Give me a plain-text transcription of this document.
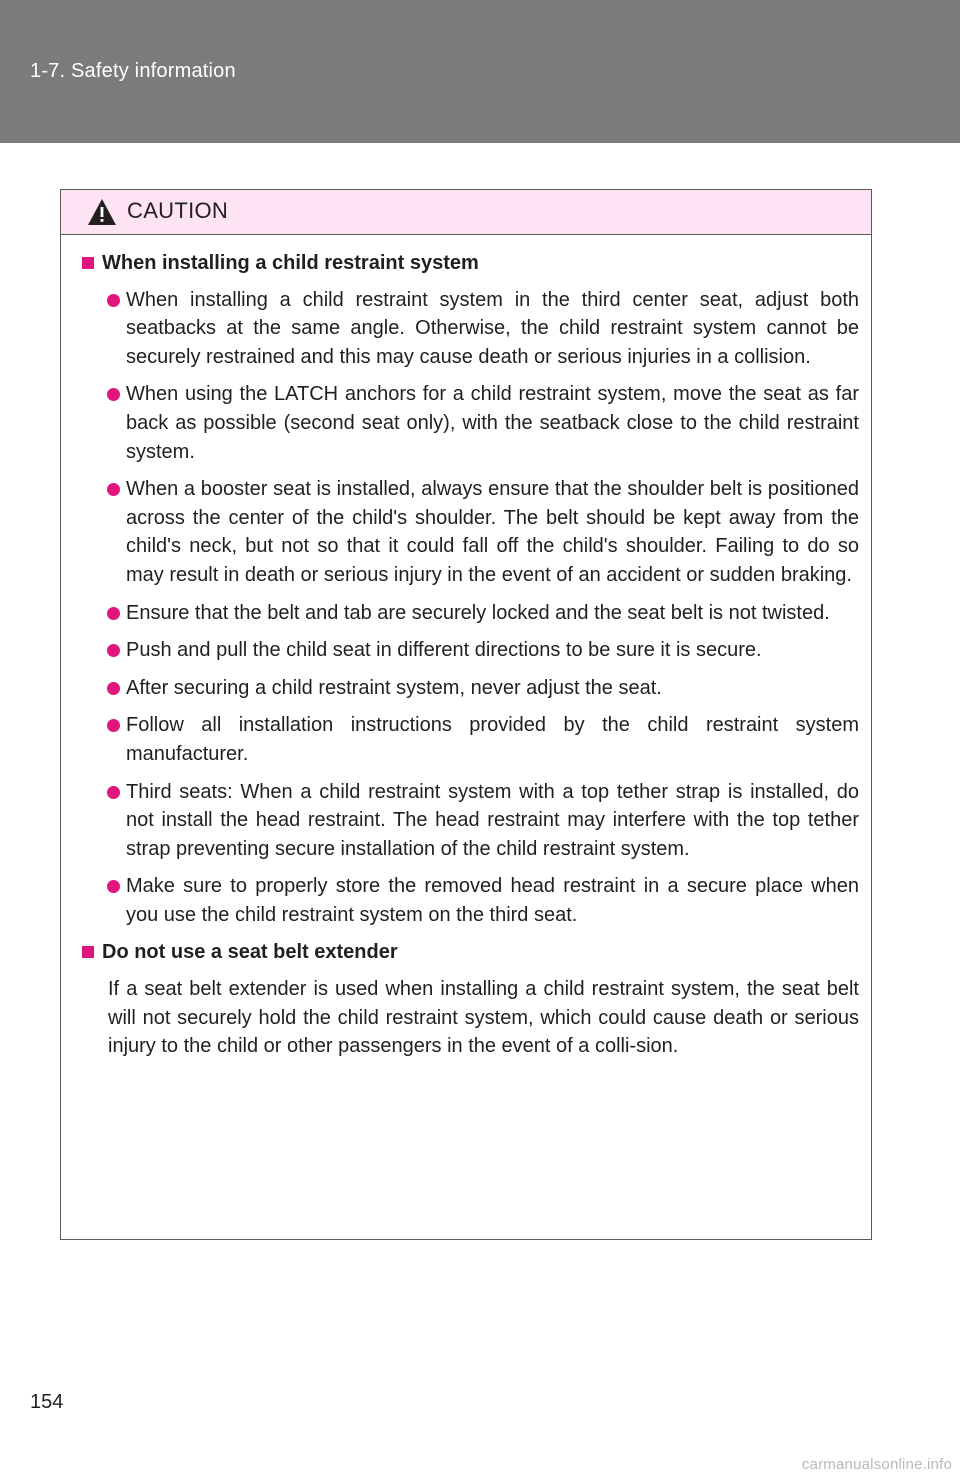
1-7. Safety information
CAUTION
When installing a child restraint system
When installing a child restraint system in the third center seat, adjust both seatbacks at the same angle. Otherwise, the child restraint system cannot be securely restrained and this may cause death or serious injuries in a collision.
When using the LATCH anchors for a child restraint system, move the seat as far back as possible (second seat only), with the seatback close to the child restraint system.
When a booster seat is installed, always ensure that the shoulder belt is positioned across the center of the child's shoulder. The belt should be kept away from the child's neck, but not so that it could fall off the child's shoulder. Failing to do so may result in death or serious injury in the event of an accident or sudden braking.
Ensure that the belt and tab are securely locked and the seat belt is not twisted.
Push and pull the child seat in different directions to be sure it is secure.
After securing a child restraint system, never adjust the seat.
Follow all installation instructions provided by the child restraint system manufacturer.
Third seats: When a child restraint system with a top tether strap is installed, do not install the head restraint. The head restraint may interfere with the top tether strap preventing secure installation of the child restraint system.
Make sure to properly store the removed head restraint in a secure place when you use the child restraint system on the third seat.
Do not use a seat belt extender
If a seat belt extender is used when installing a child restraint system, the seat belt will not securely hold the child restraint system, which could cause death or serious injury to the child or other passengers in the event of a colli-sion.
154
carmanualsonline.info
